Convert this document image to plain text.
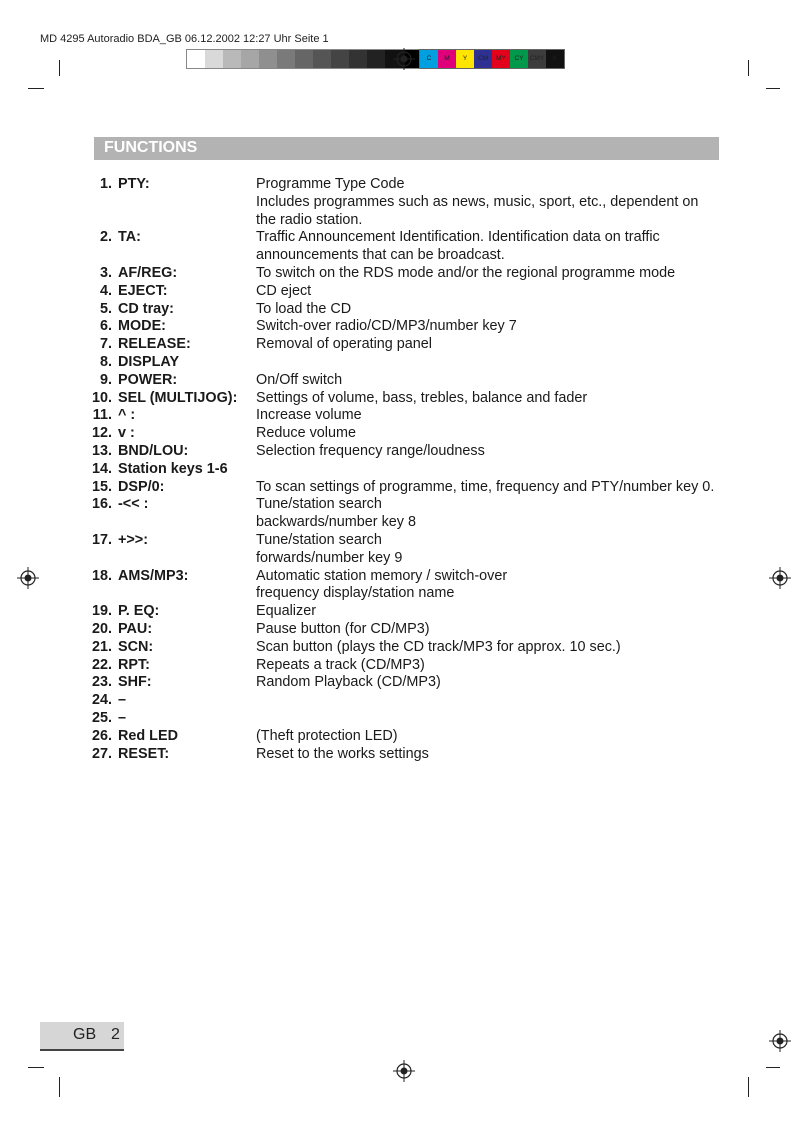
MD 4295 Autoradio BDA_GB 06.12.2002 12:27 Uhr Seite 1
C	M	Y	CM	MY	CY CMY	K
FUNCTIONS
1. PTY:	Programme Type Code
Includes programmes such as news, music, sport, etc., dependent on
the radio station.
2. TA:	Traffic Announcement Identification. Identification data on traffic
announcements that can be broadcast.
3. AF/REG:	To switch on the RDS mode and/or the regional programme mode
4. EJECT:	CD eject
5. CD tray:	To load the CD
6. MODE:	Switch-over radio/CD/MP3/number key 7
7. RELEASE:	Removal of operating panel
8. DISPLAY
9. POWER:	On/Off switch
10. SEL (MULTIJOG):	Settings of volume, bass, trebles, balance and fader
11. ^ :	Increase volume
12. v :	Reduce volume
13. BND/LOU:	Selection frequency range/loudness
14. Station keys 1-6
15. DSP/0:	To scan settings of programme, time, frequency and PTY/number key 0.
16. -<< :	Tune/station search
backwards/number key 8
17. +>>:	Tune/station search
forwards/number key 9
18. AMS/MP3:	Automatic station memory / switch-over
frequency display/station name
19. P. EQ:	Equalizer
20. PAU:	Pause button (for CD/MP3)
21. SCN:	Scan button (plays the CD track/MP3 for approx. 10 sec.)
22. RPT:	Repeats a track (CD/MP3)
23. SHF:	Random Playback (CD/MP3)
24. –
25. –
26. Red LED	(Theft protection LED)
27. RESET:	Reset to the works settings
GB 2
